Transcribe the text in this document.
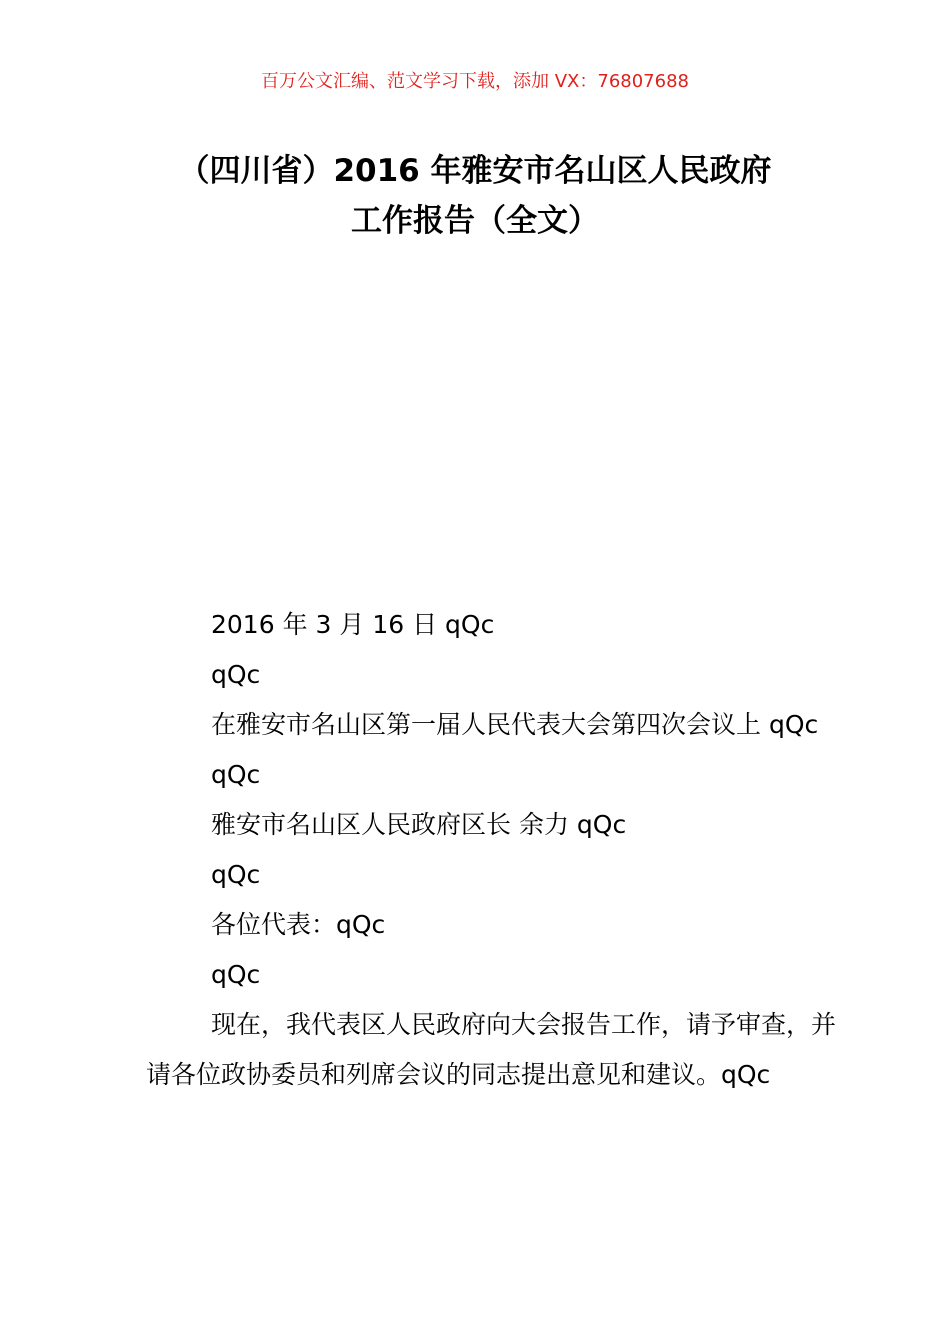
百万公文汇编、范文学习下载，添加 VX：76807688
（四川省）2016 年雅安市名山区人民政府
工作报告（全文）

2016 年 3 月 16 日 qQc

qQc

在雅安市名山区第一届人民代表大会第四次会议上 qQc

qQc

雅安市名山区人民政府区长 余力 qQc

qQc

各位代表：qQc

qQc

现在，我代表区人民政府向大会报告工作，请予审查，并请各位政协委员和列席会议的同志提出意见和建议。qQc
